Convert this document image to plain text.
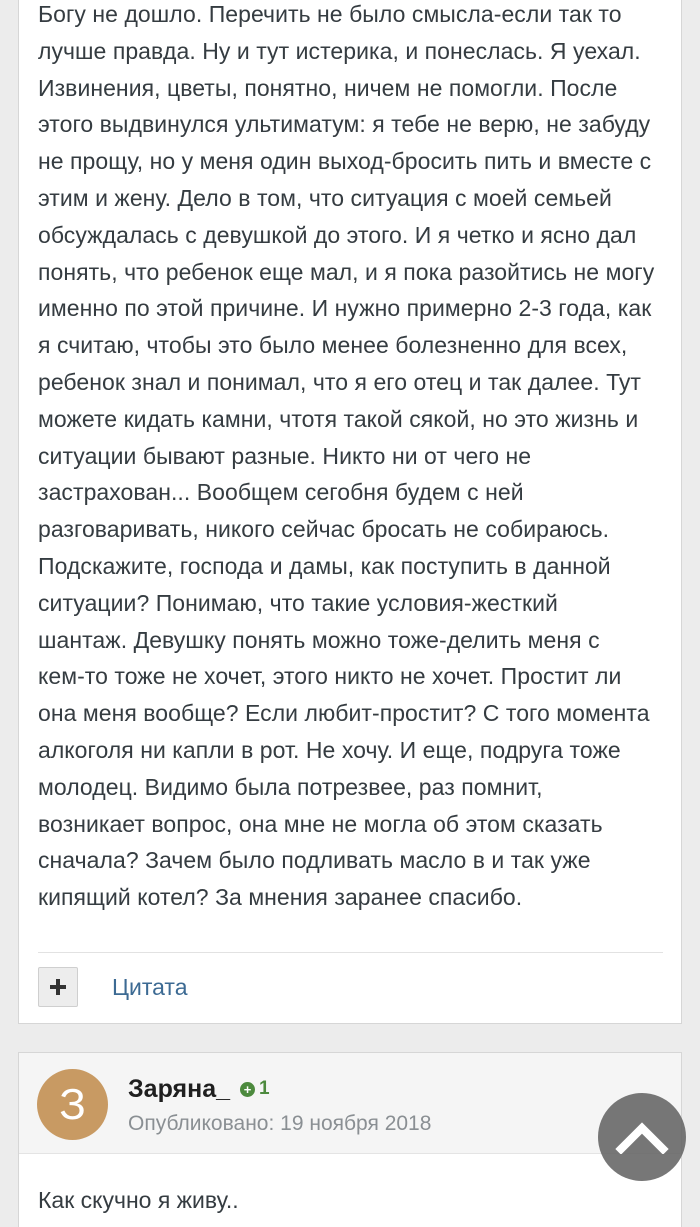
Богу не дошло. Перечить не было смысла-если так то
лучше правда. Ну и тут истерика, и понеслась. Я уехал.
Извинения, цветы, понятно, ничем не помогли. После
этого выдвинулся ультиматум: я тебе не верю, не забуду
не прощу, но у меня один выход-бросить пить и вместе с
этим и жену. Дело в том, что ситуация с моей семьей
обсуждалась с девушкой до этого. И я четко и ясно дал
понять, что ребенок еще мал, и я пока разойтись не могу
именно по этой причине. И нужно примерно 2-3 года, как
я считаю, чтобы это было менее болезненно для всех,
ребенок знал и понимал, что я его отец и так далее. Тут
можете кидать камни, чтотя такой сякой, но это жизнь и
ситуации бывают разные. Никто ни от чего не
застрахован... Вообщем сегобня будем с ней
разговаривать, никого сейчас бросать не собираюсь.
Подскажите, господа и дамы, как поступить в данной
ситуации? Понимаю, что такие условия-жесткий
шантаж. Девушку понять можно тоже-делить меня с
кем-то тоже не хочет, этого никто не хочет. Простит ли
она меня вообще? Если любит-простит? С того момента
алкоголя ни капли в рот. Не хочу. И еще, подруга тоже
молодец. Видимо была потрезвее, раз помнит,
возникает вопрос, она мне не могла об этом сказать
сначала? Зачем было подливать масло в и так уже
кипящий котел? За мнения заранее спасибо.

Цитата
З Заряна_ + 1
Опубликовано: 19 ноября 2018
Как скучно я живу..
